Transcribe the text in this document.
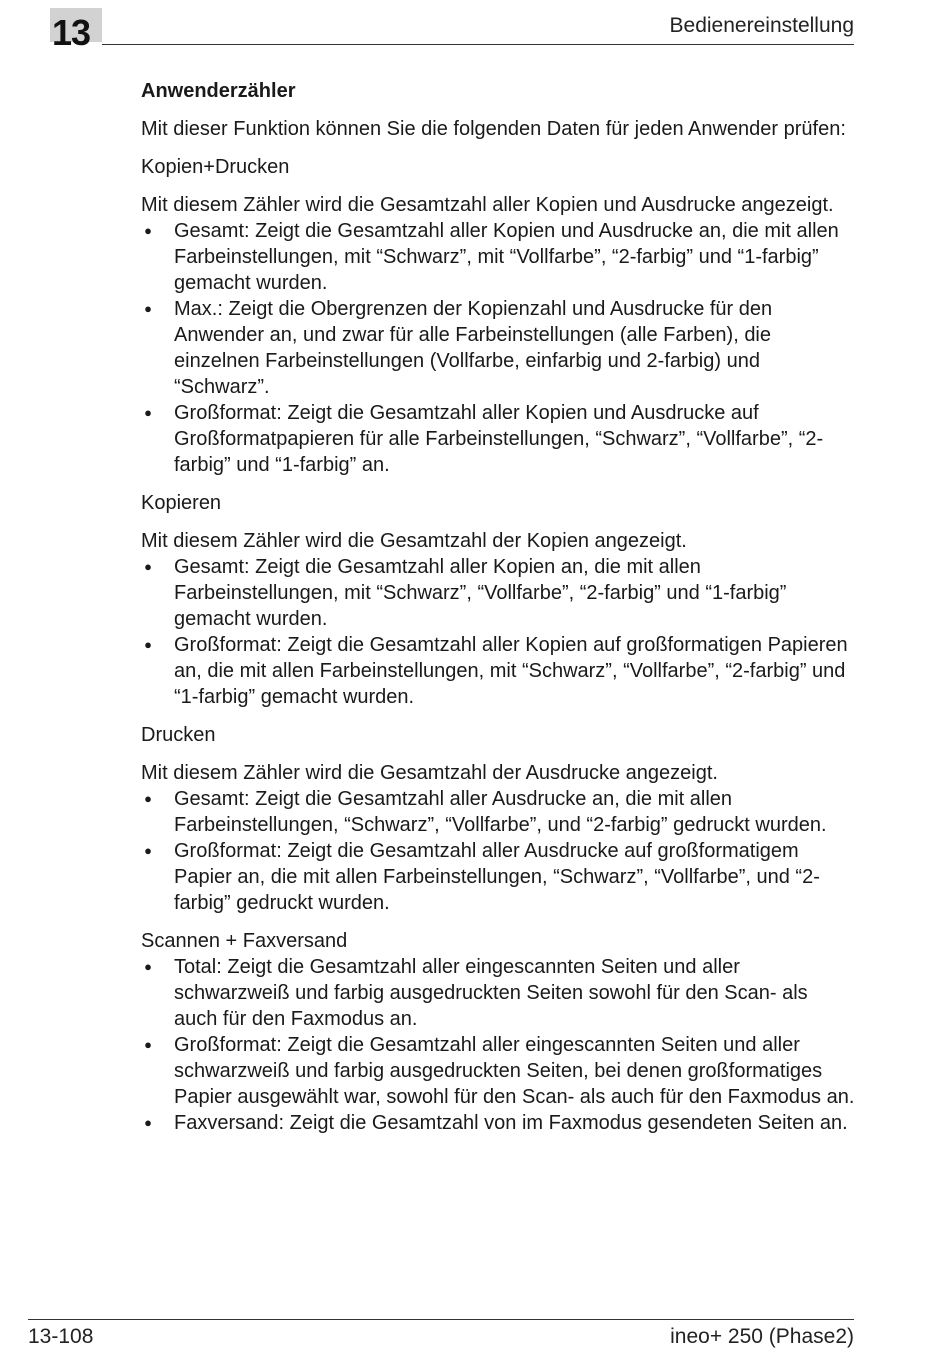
13	Bedienereinstellung

Anwenderzähler

Mit dieser Funktion können Sie die folgenden Daten für jeden Anwender prüfen:

Kopien+Drucken

Mit diesem Zähler wird die Gesamtzahl aller Kopien und Ausdrucke angezeigt.

● Gesamt: Zeigt die Gesamtzahl aller Kopien und Ausdrucke an, die mit allen Farbeinstellungen, mit “Schwarz”, mit “Vollfarbe”, “2-farbig” und “1-farbig” gemacht wurden.
● Max.: Zeigt die Obergrenzen der Kopienzahl und Ausdrucke für den Anwender an, und zwar für alle Farbeinstellungen (alle Farben), die einzelnen Farbeinstellungen (Vollfarbe, einfarbig und 2-farbig) und “Schwarz”.
● Großformat: Zeigt die Gesamtzahl aller Kopien und Ausdrucke auf Großformatpapieren für alle Farbeinstellungen, “Schwarz”, “Vollfarbe”, “2-farbig” und “1-farbig” an.

Kopieren

Mit diesem Zähler wird die Gesamtzahl der Kopien angezeigt.

● Gesamt: Zeigt die Gesamtzahl aller Kopien an, die mit allen Farbeinstellungen, mit “Schwarz”, “Vollfarbe”, “2-farbig” und “1-farbig” gemacht wurden.
● Großformat: Zeigt die Gesamtzahl aller Kopien auf großformatigen Papieren an, die mit allen Farbeinstellungen, mit “Schwarz”, “Vollfarbe”, “2-farbig” und “1-farbig” gemacht wurden.

Drucken

Mit diesem Zähler wird die Gesamtzahl der Ausdrucke angezeigt.

● Gesamt: Zeigt die Gesamtzahl aller Ausdrucke an, die mit allen Farbeinstellungen, “Schwarz”, “Vollfarbe”, und “2-farbig” gedruckt wurden.
● Großformat: Zeigt die Gesamtzahl aller Ausdrucke auf großformatigem Papier an, die mit allen Farbeinstellungen, “Schwarz”, “Vollfarbe”, und “2-farbig” gedruckt wurden.

Scannen + Faxversand

● Total: Zeigt die Gesamtzahl aller eingescannten Seiten und aller schwarzweiß und farbig ausgedruckten Seiten sowohl für den Scan- als auch für den Faxmodus an.
● Großformat: Zeigt die Gesamtzahl aller eingescannten Seiten und aller schwarzweiß und farbig ausgedruckten Seiten, bei denen großformatiges Papier ausgewählt war, sowohl für den Scan- als auch für den Faxmodus an.
● Faxversand: Zeigt die Gesamtzahl von im Faxmodus gesendeten Seiten an.
13-108	ineo+ 250 (Phase2)
